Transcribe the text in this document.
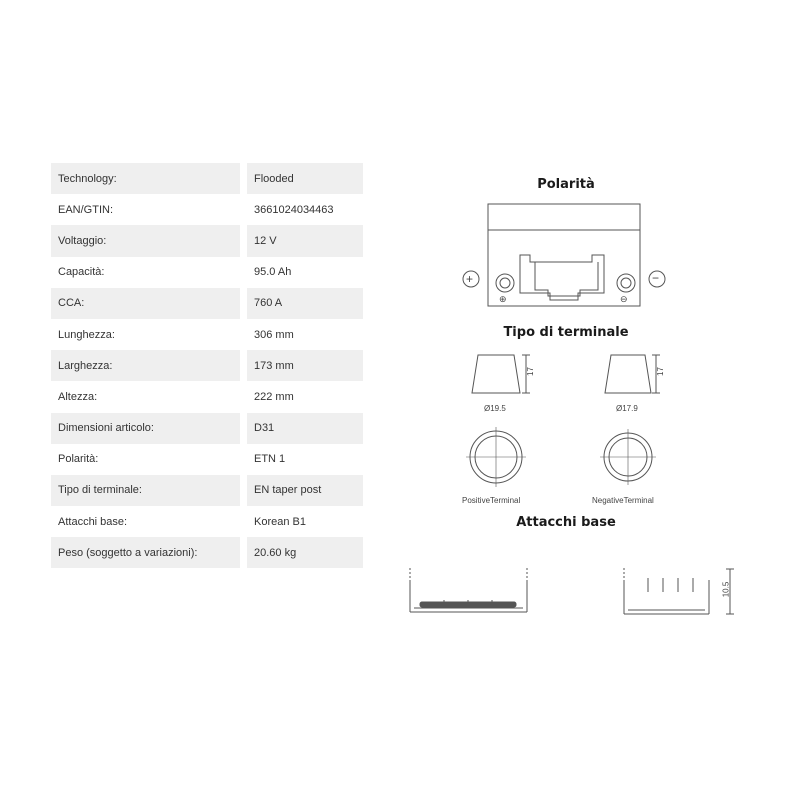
Technology:	Flooded
EAN/GTIN:	3661024034463
Voltaggio:	12 V
Capacità:	95.0 Ah
CCA:	760 A
Lunghezza:	306 mm
Larghezza:	173 mm
Altezza:	222 mm
Dimensioni articolo:	D31
Polarità:	ETN 1
Tipo di terminale:	EN taper post
Attacchi base:	Korean B1
Peso (soggetto a variazioni):	20.60 kg
Polarità
Tipo di terminale
Attacchi base
+	−
⊕	⊖
Ø19.5	Ø17.9
17	17
PositiveTerminal	NegativeTerminal
10.5
